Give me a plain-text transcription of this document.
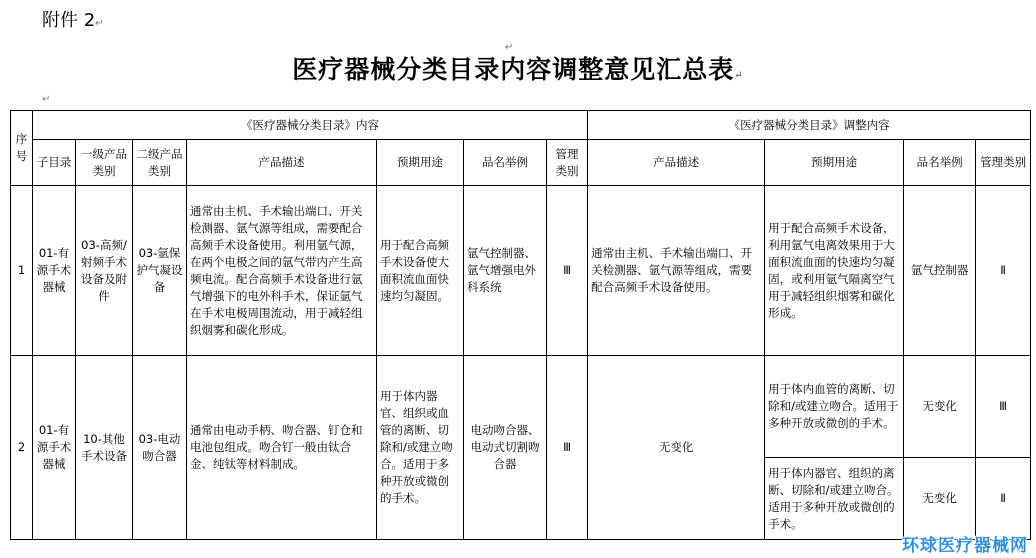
附件 2↵
↵
医疗器械分类目录内容调整意见汇总表↵
↵
序号	《医疗器械分类目录》内容							《医疗器械分类目录》调整内容			
	子目录	一级产品类别	二级产品类别	产品描述	预期用途	品名举例	管理类别	产品描述	预期用途	品名举例	管理类别
1	01-有源手术器械	03-高频/射频手术设备及附件	03-氩保护气凝设备	通常由主机、手术输出端口、开关检测器、氩气源等组成，需要配合高频手术设备使用。利用氩气源，在两个电极之间的氩气带内产生高频电流。配合高频手术设备进行氩气增强下的电外科手术，保证氩气在手术电极周围流动，用于减轻组织烟雾和碳化形成。	用于配合高频手术设备使大面积流血面快速均匀凝固。	氩气控制器、氩气增强电外科系统	Ⅲ	通常由主机、手术输出端口、开关检测器、氩气源等组成，需要配合高频手术设备使用。	用于配合高频手术设备，利用氩气电离效果用于大面积流血面的快速均匀凝固，或利用氩气隔离空气用于减轻组织烟雾和碳化形成。	氩气控制器	Ⅱ
2	01-有源手术器械	10-其他手术设备	03-电动吻合器	通常由电动手柄、吻合器、钉仓和电池包组成。吻合钉一般由钛合金、纯钛等材料制成。	用于体内器官、组织或血管的离断、切除和/或建立吻合。适用于多种开放或微创的手术。	电动吻合器、电动式切割吻合器	Ⅲ	无变化	用于体内血管的离断、切除和/或建立吻合。适用于多种开放或微创的手术。	无变化	Ⅲ
									用于体内器官、组织的离断、切除和/或建立吻合。适用于多种开放或微创的手术。	无变化	Ⅱ
环球医疗器械网
